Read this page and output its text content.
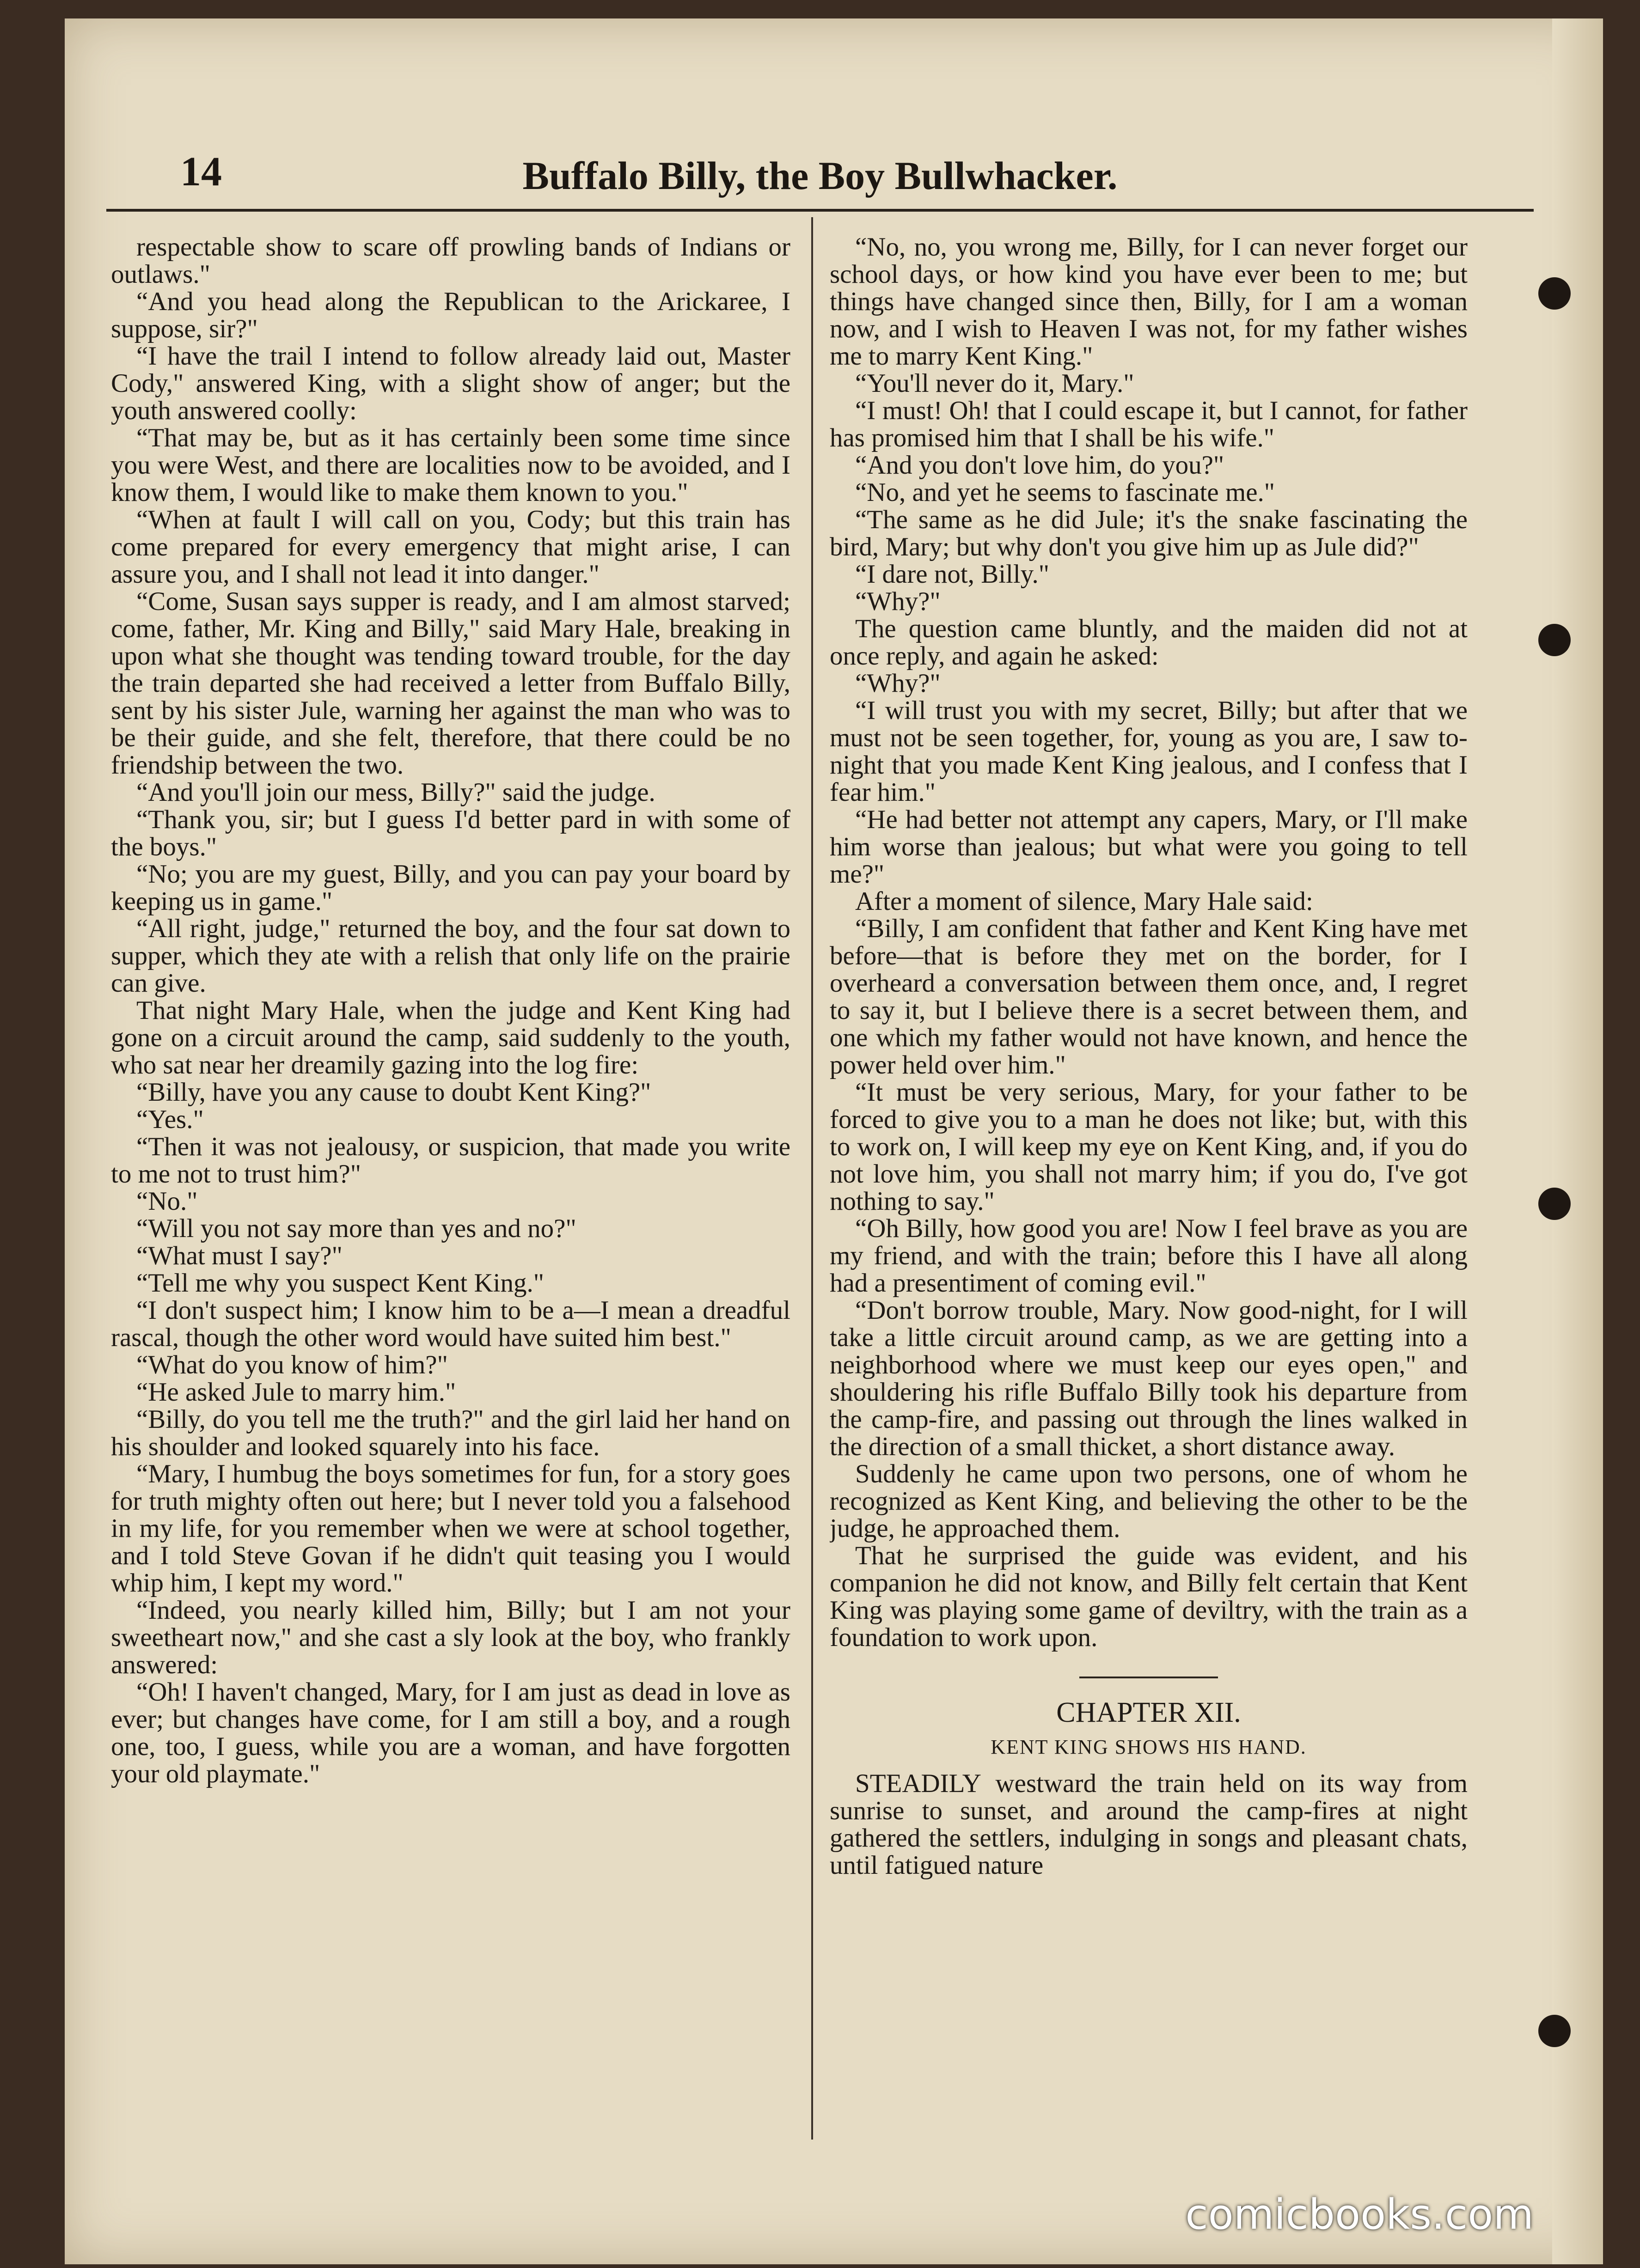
14	Buffalo Billy, the Boy Bullwhacker.

respectable show to scare off prowling bands of Indians or outlaws."

“And you head along the Republican to the Arickaree, I suppose, sir?"

“I have the trail I intend to follow already laid out, Master Cody," answered King, with a slight show of anger; but the youth answered coolly:

“That may be, but as it has certainly been some time since you were West, and there are localities now to be avoided, and I know them, I would like to make them known to you."

“When at fault I will call on you, Cody; but this train has come prepared for every emergency that might arise, I can assure you, and I shall not lead it into danger."

“Come, Susan says supper is ready, and I am almost starved; come, father, Mr. King and Billy," said Mary Hale, breaking in upon what she thought was tending toward trouble, for the day the train departed she had received a letter from Buffalo Billy, sent by his sister Jule, warning her against the man who was to be their guide, and she felt, therefore, that there could be no friendship between the two.

“And you'll join our mess, Billy?" said the judge.

“Thank you, sir; but I guess I'd better pard in with some of the boys."

“No; you are my guest, Billy, and you can pay your board by keeping us in game."

“All right, judge," returned the boy, and the four sat down to supper, which they ate with a relish that only life on the prairie can give.

That night Mary Hale, when the judge and Kent King had gone on a circuit around the camp, said suddenly to the youth, who sat near her dreamily gazing into the log fire:

“Billy, have you any cause to doubt Kent King?"

“Yes."

“Then it was not jealousy, or suspicion, that made you write to me not to trust him?"

“No."

“Will you not say more than yes and no?"

“What must I say?"

“Tell me why you suspect Kent King."

“I don't suspect him; I know him to be a—I mean a dreadful rascal, though the other word would have suited him best."

“What do you know of him?"

“He asked Jule to marry him."

“Billy, do you tell me the truth?" and the girl laid her hand on his shoulder and looked squarely into his face.

“Mary, I humbug the boys sometimes for fun, for a story goes for truth mighty often out here; but I never told you a falsehood in my life, for you remember when we were at school together, and I told Steve Govan if he didn't quit teasing you I would whip him, I kept my word."

“Indeed, you nearly killed him, Billy; but I am not your sweetheart now," and she cast a sly look at the boy, who frankly answered:

“Oh! I haven't changed, Mary, for I am just as dead in love as ever; but changes have come, for I am still a boy, and a rough one, too, I guess, while you are a woman, and have forgotten your old playmate."

“No, no, you wrong me, Billy, for I can never forget our school days, or how kind you have ever been to me; but things have changed since then, Billy, for I am a woman now, and I wish to Heaven I was not, for my father wishes me to marry Kent King."

“You'll never do it, Mary."

“I must! Oh! that I could escape it, but I cannot, for father has promised him that I shall be his wife."

“And you don't love him, do you?"

“No, and yet he seems to fascinate me."

“The same as he did Jule; it's the snake fascinating the bird, Mary; but why don't you give him up as Jule did?"

“I dare not, Billy."

“Why?"

The question came bluntly, and the maiden did not at once reply, and again he asked:

“Why?"

“I will trust you with my secret, Billy; but after that we must not be seen together, for, young as you are, I saw to-night that you made Kent King jealous, and I confess that I fear him."

“He had better not attempt any capers, Mary, or I'll make him worse than jealous; but what were you going to tell me?"

After a moment of silence, Mary Hale said:

“Billy, I am confident that father and Kent King have met before—that is before they met on the border, for I overheard a conversation between them once, and, I regret to say it, but I believe there is a secret between them, and one which my father would not have known, and hence the power held over him."

“It must be very serious, Mary, for your father to be forced to give you to a man he does not like; but, with this to work on, I will keep my eye on Kent King, and, if you do not love him, you shall not marry him; if you do, I've got nothing to say."

“Oh Billy, how good you are! Now I feel brave as you are my friend, and with the train; before this I have all along had a presentiment of coming evil."

“Don't borrow trouble, Mary. Now good-night, for I will take a little circuit around camp, as we are getting into a neighborhood where we must keep our eyes open," and shouldering his rifle Buffalo Billy took his departure from the camp-fire, and passing out through the lines walked in the direction of a small thicket, a short distance away.

Suddenly he came upon two persons, one of whom he recognized as Kent King, and believing the other to be the judge, he approached them.

That he surprised the guide was evident, and his companion he did not know, and Billy felt certain that Kent King was playing some game of deviltry, with the train as a foundation to work upon.

CHAPTER XII.

KENT KING SHOWS HIS HAND.

STEADILY westward the train held on its way from sunrise to sunset, and around the camp-fires at night gathered the settlers, indulging in songs and pleasant chats, until fatigued nature

comicbooks.com
